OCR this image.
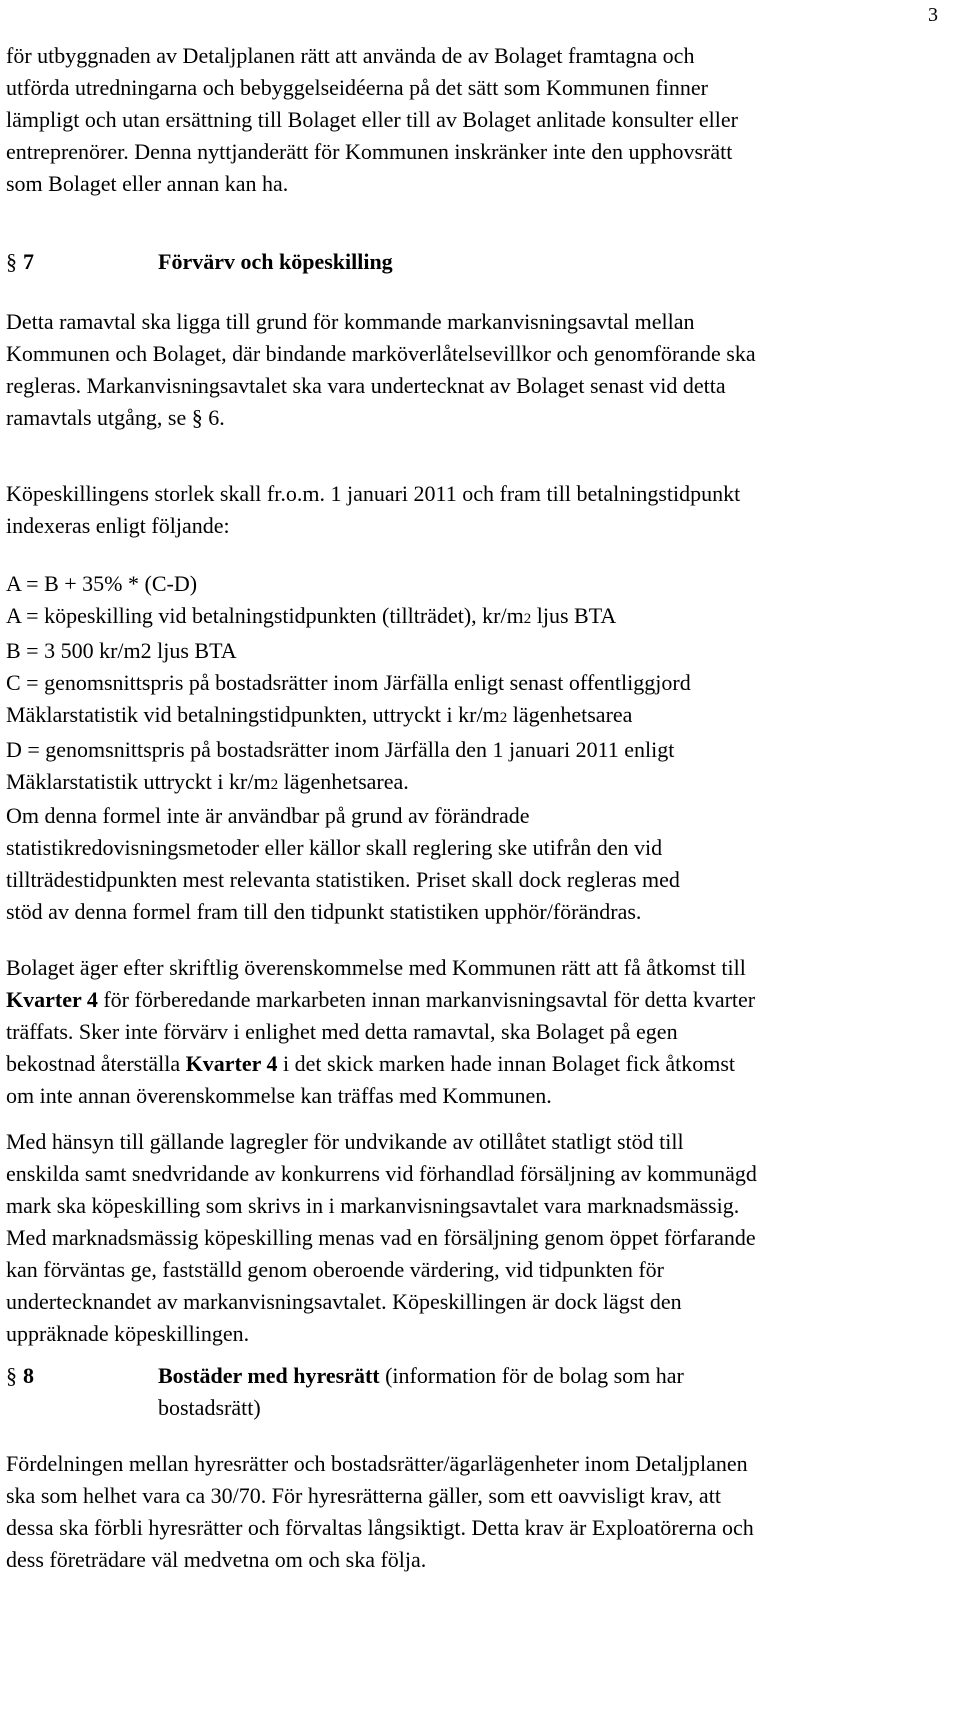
3
för utbyggnaden av Detaljplanen rätt att använda de av Bolaget framtagna och
utförda utredningarna och bebyggelseidéerna på det sätt som Kommunen finner
lämpligt och utan ersättning till Bolaget eller till av Bolaget anlitade konsulter eller
entreprenörer. Denna nyttjanderätt för Kommunen inskränker inte den upphovsrätt
som Bolaget eller annan kan ha.
§ 7	Förvärv och köpeskilling
Detta ramavtal ska ligga till grund för kommande markanvisningsavtal mellan
Kommunen och Bolaget, där bindande marköverlåtelsevillkor och genomförande ska
regleras. Markanvisningsavtalet ska vara undertecknat av Bolaget senast vid detta
ramavtals utgång, se § 6.
Köpeskillingens storlek skall fr.o.m. 1 januari 2011 och fram till betalningstidpunkt
indexeras enligt följande:
A = B + 35% * (C-D)
A = köpeskilling vid betalningstidpunkten (tillträdet), kr/m2 ljus BTA
B = 3 500 kr/m2 ljus BTA
C = genomsnittspris på bostadsrätter inom Järfälla enligt senast offentliggjord
Mäklarstatistik vid betalningstidpunkten, uttryckt i kr/m2 lägenhetsarea
D = genomsnittspris på bostadsrätter inom Järfälla den 1 januari 2011 enligt
Mäklarstatistik uttryckt i kr/m2 lägenhetsarea.
Om denna formel inte är användbar på grund av förändrade
statistikredovisningsmetoder eller källor skall reglering ske utifrån den vid
tillträdestidpunkten mest relevanta statistiken. Priset skall dock regleras med
stöd av denna formel fram till den tidpunkt statistiken upphör/förändras.
Bolaget äger efter skriftlig överenskommelse med Kommunen rätt att få åtkomst till
Kvarter 4 för förberedande markarbeten innan markanvisningsavtal för detta kvarter
träffats. Sker inte förvärv i enlighet med detta ramavtal, ska Bolaget på egen
bekostnad återställa Kvarter 4 i det skick marken hade innan Bolaget fick åtkomst
om inte annan överenskommelse kan träffas med Kommunen.
Med hänsyn till gällande lagregler för undvikande av otillåtet statligt stöd till
enskilda samt snedvridande av konkurrens vid förhandlad försäljning av kommunägd
mark ska köpeskilling som skrivs in i markanvisningsavtalet vara marknadsmässig.
Med marknadsmässig köpeskilling menas vad en försäljning genom öppet förfarande
kan förväntas ge, fastställd genom oberoende värdering, vid tidpunkten för
undertecknandet av markanvisningsavtalet. Köpeskillingen är dock lägst den
uppräknade köpeskillingen.
§ 8	Bostäder med hyresrätt (information för de bolag som har
bostadsrätt)
Fördelningen mellan hyresrätter och bostadsrätter/ägarlägenheter inom Detaljplanen
ska som helhet vara ca 30/70. För hyresrätterna gäller, som ett oavvisligt krav, att
dessa ska förbli hyresrätter och förvaltas långsiktigt. Detta krav är Exploatörerna och
dess företrädare väl medvetna om och ska följa.
